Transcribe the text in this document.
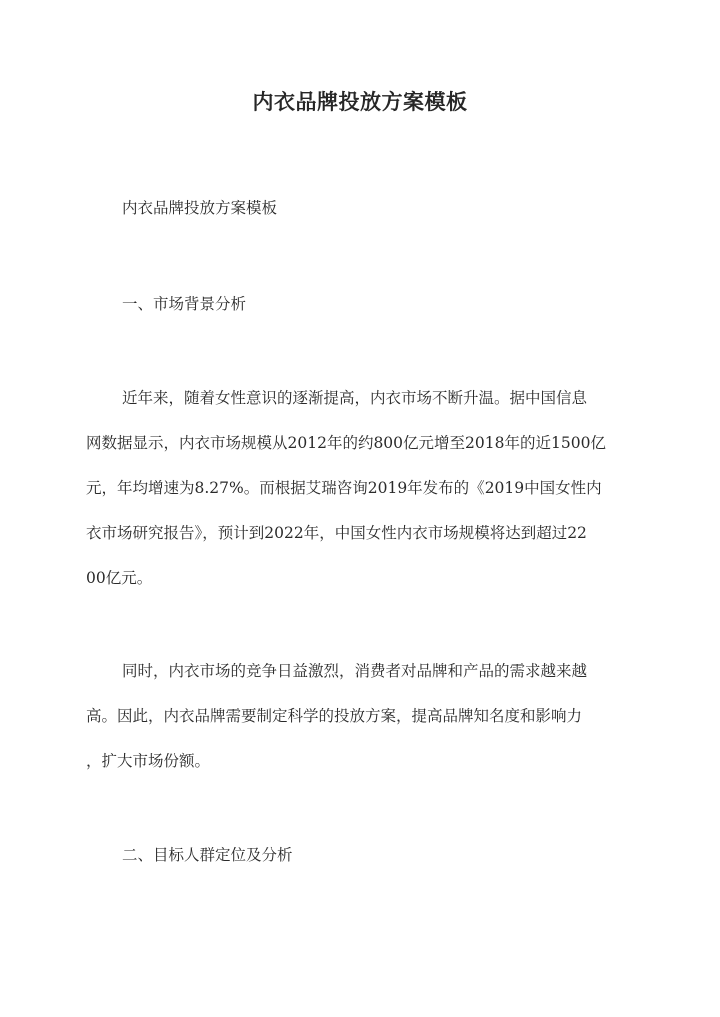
内衣品牌投放方案模板
内衣品牌投放方案模板
一、市场背景分析
近年来，随着女性意识的逐渐提高，内衣市场不断升温。据中国信息
网数据显示，内衣市场规模从2012年的约800亿元增至2018年的近1500亿
元，年均增速为8.27%。而根据艾瑞咨询2019年发布的《2019中国女性内
衣市场研究报告》，预计到2022年，中国女性内衣市场规模将达到超过22
00亿元。
同时，内衣市场的竞争日益激烈，消费者对品牌和产品的需求越来越
高。因此，内衣品牌需要制定科学的投放方案，提高品牌知名度和影响力
，扩大市场份额。
二、目标人群定位及分析
